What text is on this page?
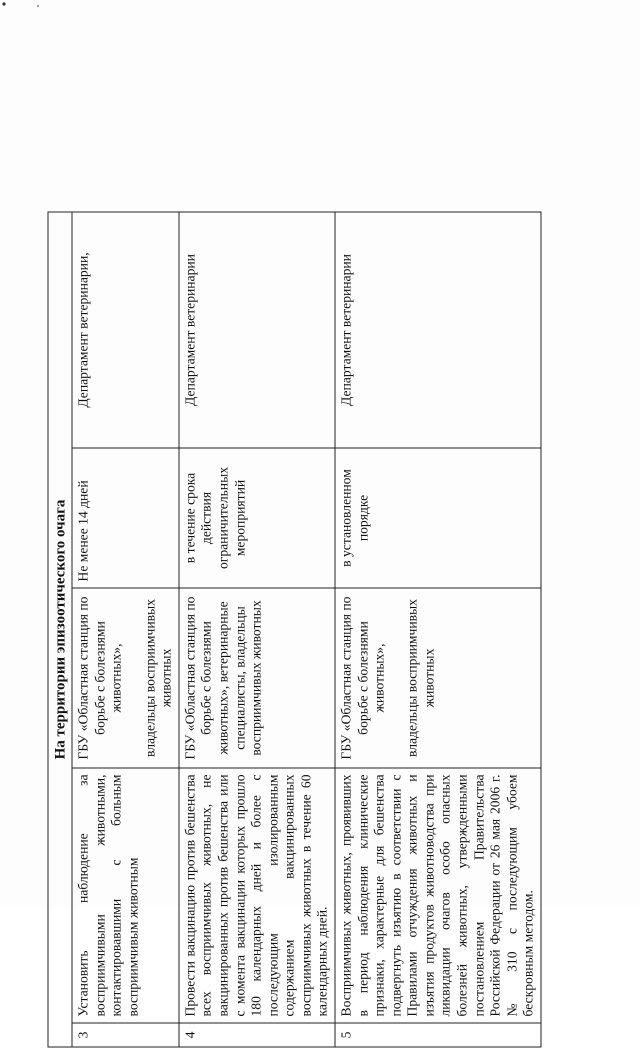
На территории эпизоотического очага				
3	Установить наблюдение за восприимчивыми животными, контактировавшими с больным восприимчивым животным	ГБУ «Областная станция по борьбе с болезнями животных», владельцы восприимчивых животных	Не менее 14 дней	Департамент ветеринарии,
4	Провести вакцинацию против бешенства всех восприимчивых животных, не вакцинированных против бешенства или с момента вакцинации которых прошло 180 календарных дней и более с последующим изолированным содержанием вакцинированных восприимчивых животных в течение 60 календарных дней.	ГБУ «Областная станция по борьбе с болезнями животных», ветеринарные специалисты, владельцы восприимчивых животных	в течение срока действия ограничительных мероприятий	Департамент ветеринарии
5	Восприимчивых животных, проявивших в период наблюдения клинические признаки, характерные для бешенства подвергнуть изъятию в соответствии с Правилами отчуждения животных и изъятия продуктов животноводства при ликвидации очагов особо опасных болезней животных, утвержденными постановлением Правительства Российской Федерации от 26 мая 2006 г. № 310 с последующим убоем бескровным методом.	ГБУ «Областная станция по борьбе с болезнями животных», владельцы восприимчивых животных	в установленном порядке	Департамент ветеринарии
